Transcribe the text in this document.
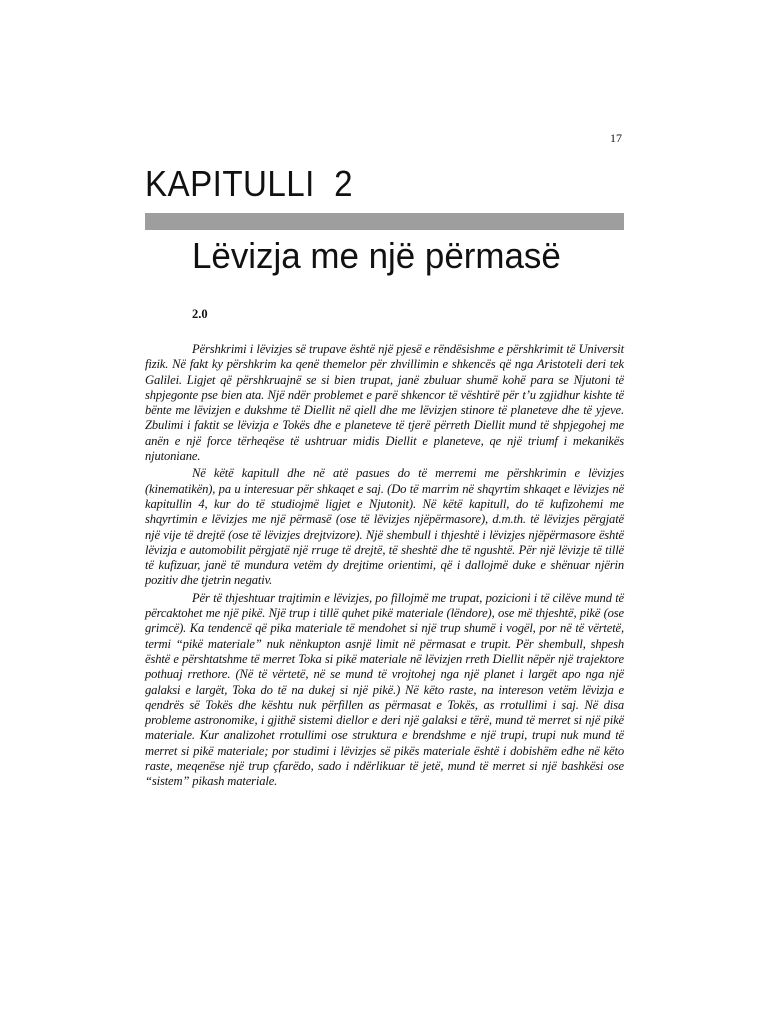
17
KAPITULLI  2
Lëvizja me një përmasë
2.0

Përshkrimi i lëvizjes së trupave është një pjesë e rëndësishme e përshkrimit të Universit fizik. Në fakt ky përshkrim ka qenë themelor për zhvillimin e shkencës që nga Aristoteli deri tek Galilei. Ligjet që përshkruajnë se si bien trupat, janë zbuluar shumë kohë para se Njutoni të shpjegonte pse bien ata. Një ndër problemet e parë shkencor të vështirë për t’u zgjidhur kishte të bënte me lëvizjen e dukshme të Diellit në qiell dhe me lëvizjen stinore të planeteve dhe të yjeve. Zbulimi i faktit se lëvizja e Tokës dhe e planeteve të tjerë përreth Diellit mund të shpjegohej me anën e një force tërheqëse të ushtruar midis Diellit e planeteve, qe një triumf i mekanikës njutoniane.

Në këtë kapitull dhe në atë pasues do të merremi me përshkrimin e lëvizjes (kinematikën), pa u interesuar për shkaqet e saj. (Do të marrim në shqyrtim shkaqet e lëvizjes në kapitullin 4, kur do të studiojmë ligjet e Njutonit). Në këtë kapitull, do të kufizohemi me shqyrtimin e lëvizjes me një përmasë (ose të lëvizjes njëpërmasore), d.m.th. të lëvizjes përgjatë një vije të drejtë (ose të lëvizjes drejtvizore). Një shembull i thjeshtë i lëvizjes njëpërmasore është lëvizja e automobilit përgjatë një rruge të drejtë, të sheshtë dhe të ngushtë. Për një lëvizje të tillë të kufizuar, janë të mundura vetëm dy drejtime orientimi, që i dallojmë duke e shënuar njërin pozitiv dhe tjetrin negativ.

Për të thjeshtuar trajtimin e lëvizjes, po fillojmë me trupat, pozicioni i të cilëve mund të përcaktohet me një pikë. Një trup i tillë quhet pikë materiale (lëndore), ose më thjeshtë, pikë (ose grimcë). Ka tendencë që pika materiale të mendohet si një trup shumë i vogël, por në të vërtetë, termi “pikë materiale” nuk nënkupton asnjë limit në përmasat e trupit. Për shembull, shpesh është e përshtatshme të merret Toka si pikë materiale në lëvizjen rreth Diellit nëpër një trajektore pothuaj rrethore. (Në të vërtetë, në se mund të vrojtohej nga një planet i largët apo nga një galaksi e largët, Toka do të na dukej si një pikë.) Në këto raste, na intereson vetëm lëvizja e qendrës së Tokës dhe kështu nuk përfillen as përmasat e Tokës, as rrotullimi i saj. Në disa probleme astronomike, i gjithë sistemi diellor e deri një galaksi e tërë, mund të merret si një pikë materiale. Kur analizohet rrotullimi ose struktura e brendshme e një trupi, trupi nuk mund të merret si pikë materiale; por studimi i lëvizjes së pikës materiale është i dobishëm edhe në këto raste, meqenëse një trup çfarëdo, sado i ndërlikuar të jetë, mund të merret si një bashkësi ose “sistem” pikash materiale.
